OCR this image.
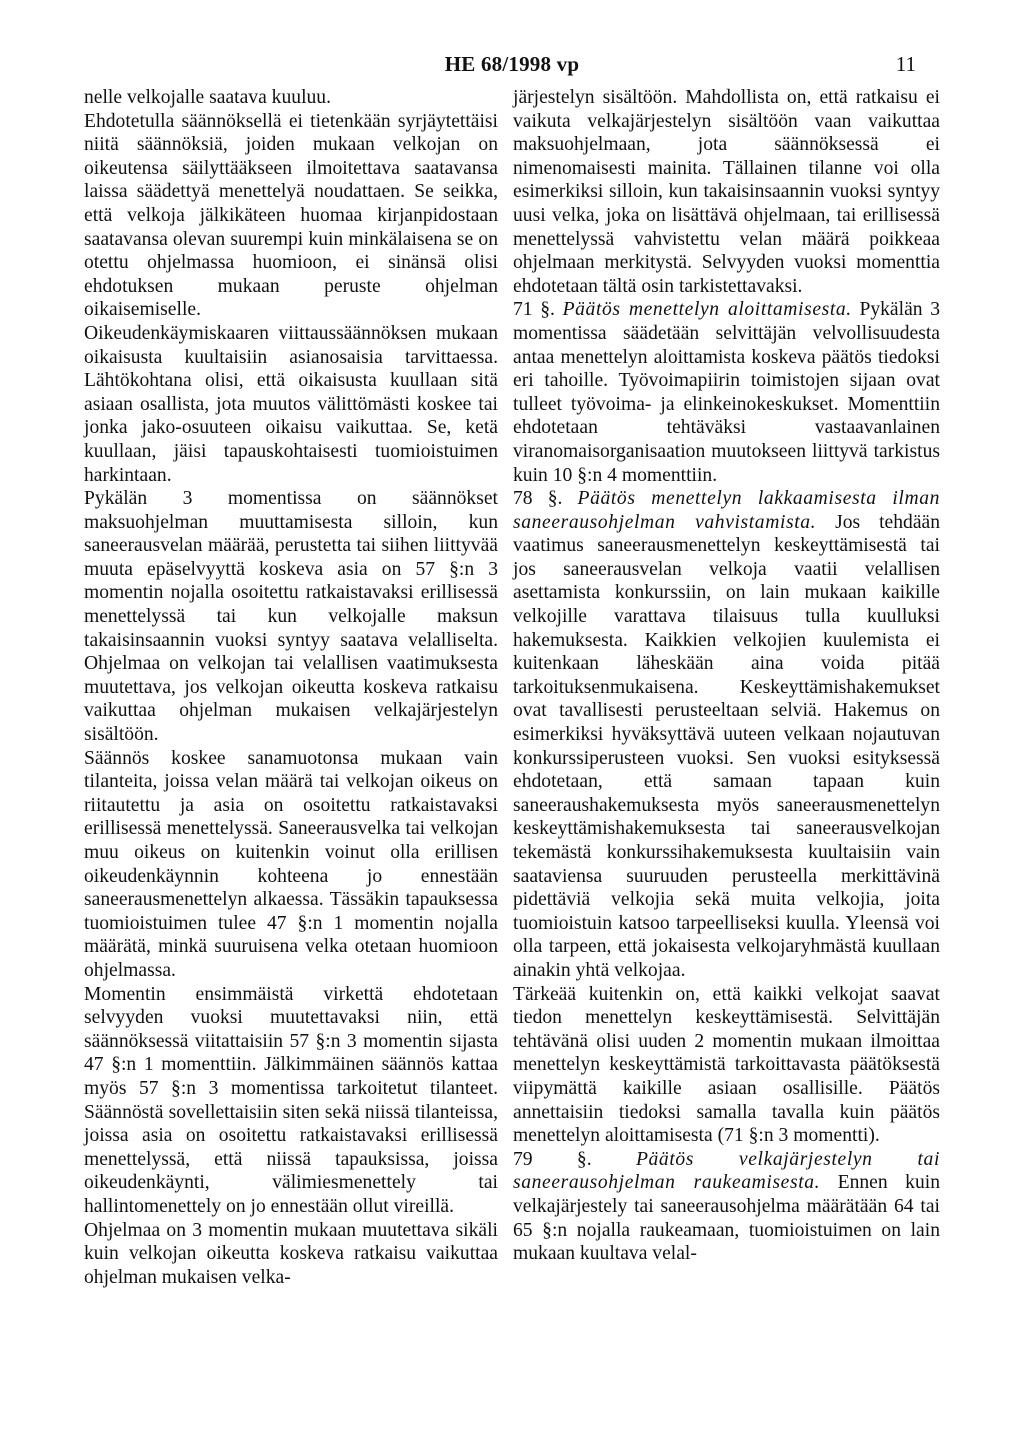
HE 68/1998 vp	11

nelle velkojalle saatava kuuluu.

Ehdotetulla säännöksellä ei tietenkään syrjäytettäisi niitä säännöksiä, joiden mukaan velkojan on oikeutensa säilyttääkseen ilmoitettava saatavansa laissa säädettyä menettelyä noudattaen. Se seikka, että velkoja jälkikäteen huomaa kirjanpidostaan saatavansa olevan suurempi kuin minkälaisena se on otettu ohjelmassa huomioon, ei sinänsä olisi ehdotuksen mukaan peruste ohjelman oikaisemiselle.

Oikeudenkäymiskaaren viittaussäännöksen mukaan oikaisusta kuultaisiin asianosaisia tarvittaessa. Lähtökohtana olisi, että oikaisusta kuullaan sitä asiaan osallista, jota muutos välittömästi koskee tai jonka jako-osuuteen oikaisu vaikuttaa. Se, ketä kuullaan, jäisi tapauskohtaisesti tuomioistuimen harkintaan.

Pykälän 3 momentissa on säännökset maksuohjelman muuttamisesta silloin, kun saneerausvelan määrää, perustetta tai siihen liittyvää muuta epäselvyyttä koskeva asia on 57 §:n 3 momentin nojalla osoitettu ratkaistavaksi erillisessä menettelyssä tai kun velkojalle maksun takaisinsaannin vuoksi syntyy saatava velalliselta. Ohjelmaa on velkojan tai velallisen vaatimuksesta muutettava, jos velkojan oikeutta koskeva ratkaisu vaikuttaa ohjelman mukaisen velkajärjestelyn sisältöön.

Säännös koskee sanamuotonsa mukaan vain tilanteita, joissa velan määrä tai velkojan oikeus on riitautettu ja asia on osoitettu ratkaistavaksi erillisessä menettelyssä. Saneerausvelka tai velkojan muu oikeus on kuitenkin voinut olla erillisen oikeudenkäynnin kohteena jo ennestään saneerausmenettelyn alkaessa. Tässäkin tapauksessa tuomioistuimen tulee 47 §:n 1 momentin nojalla määrätä, minkä suuruisena velka otetaan huomioon ohjelmassa.

Momentin ensimmäistä virkettä ehdotetaan selvyyden vuoksi muutettavaksi niin, että säännöksessä viitattaisiin 57 §:n 3 momentin sijasta 47 §:n 1 momenttiin. Jälkimmäinen säännös kattaa myös 57 §:n 3 momentissa tarkoitetut tilanteet. Säännöstä sovellettaisiin siten sekä niissä tilanteissa, joissa asia on osoitettu ratkaistavaksi erillisessä menettelyssä, että niissä tapauksissa, joissa oikeudenkäynti, välimiesmenettely tai hallintomenettely on jo ennestään ollut vireillä.

Ohjelmaa on 3 momentin mukaan muutettava sikäli kuin velkojan oikeutta koskeva ratkaisu vaikuttaa ohjelman mukaisen velka-

järjestelyn sisältöön. Mahdollista on, että ratkaisu ei vaikuta velkajärjestelyn sisältöön vaan vaikuttaa maksuohjelmaan, jota säännöksessä ei nimenomaisesti mainita. Tällainen tilanne voi olla esimerkiksi silloin, kun takaisinsaannin vuoksi syntyy uusi velka, joka on lisättävä ohjelmaan, tai erillisessä menettelyssä vahvistettu velan määrä poikkeaa ohjelmaan merkitystä. Selvyyden vuoksi momenttia ehdotetaan tältä osin tarkistettavaksi.

71 §. Päätös menettelyn aloittamisesta. Pykälän 3 momentissa säädetään selvittäjän velvollisuudesta antaa menettelyn aloittamista koskeva päätös tiedoksi eri tahoille. Työvoimapiirin toimistojen sijaan ovat tulleet työvoima- ja elinkeinokeskukset. Momenttiin ehdotetaan tehtäväksi vastaavanlainen viranomaisorganisaation muutokseen liittyvä tarkistus kuin 10 §:n 4 momenttiin.

78 §. Päätös menettelyn lakkaamisesta ilman saneerausohjelman vahvistamista. Jos tehdään vaatimus saneerausmenettelyn keskeyttämisestä tai jos saneerausvelan velkoja vaatii velallisen asettamista konkurssiin, on lain mukaan kaikille velkojille varattava tilaisuus tulla kuulluksi hakemuksesta. Kaikkien velkojien kuulemista ei kuitenkaan läheskään aina voida pitää tarkoituksenmukaisena. Keskeyttämishakemukset ovat tavallisesti perusteeltaan selviä. Hakemus on esimerkiksi hyväksyttävä uuteen velkaan nojautuvan konkurssiperusteen vuoksi. Sen vuoksi esityksessä ehdotetaan, että samaan tapaan kuin saneeraushakemuksesta myös saneerausmenettelyn keskeyttämishakemuksesta tai saneerausvelkojan tekemästä konkurssihakemuksesta kuultaisiin vain saataviensa suuruuden perusteella merkittävinä pidettäviä velkojia sekä muita velkojia, joita tuomioistuin katsoo tarpeelliseksi kuulla. Yleensä voi olla tarpeen, että jokaisesta velkojaryhmästä kuullaan ainakin yhtä velkojaa.

Tärkeää kuitenkin on, että kaikki velkojat saavat tiedon menettelyn keskeyttämisestä. Selvittäjän tehtävänä olisi uuden 2 momentin mukaan ilmoittaa menettelyn keskeyttämistä tarkoittavasta päätöksestä viipymättä kaikille asiaan osallisille. Päätös annettaisiin tiedoksi samalla tavalla kuin päätös menettelyn aloittamisesta (71 §:n 3 momentti).

79 §. Päätös velkajärjestelyn tai saneerausohjelman raukeamisesta. Ennen kuin velkajärjestely tai saneerausohjelma määrätään 64 tai 65 §:n nojalla raukeamaan, tuomioistuimen on lain mukaan kuultava velal-
